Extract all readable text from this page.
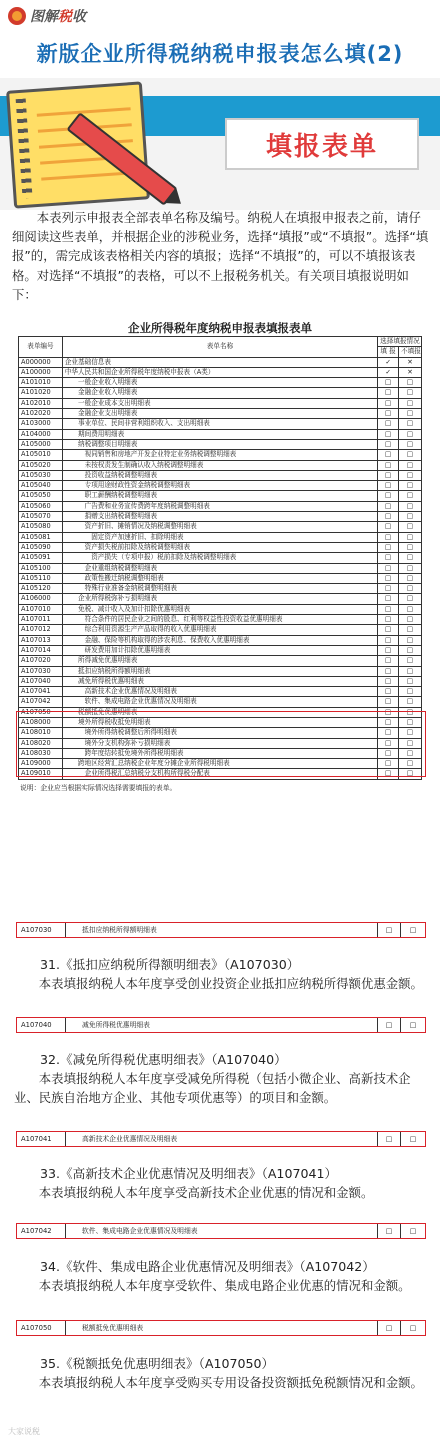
图解税收
新版企业所得税纳税申报表怎么填(2)
填报表单
本表列示申报表全部表单名称及编号。纳税人在填报申报表之前，请仔细阅读这些表单，并根据企业的涉税业务，选择“填报”或“不填报”。选择“填报”的，需完成该表格相关内容的填报；选择“不填报”的，可以不填报该表格。对选择“不填报”的表格，可以不上报税务机关。有关项目填报说明如下：
企业所得税年度纳税申报表填报表单
表单编号	表单名称	选择填报情况	
		填 报	不填报
A000000	企业基础信息表	✓	✕
A100000	中华人民共和国企业所得税年度纳税申报表（A类）	✓	✕
A101010	　　一般企业收入明细表	□	□
A101020	　　金融企业收入明细表	□	□
A102010	　　一般企业成本支出明细表	□	□
A102020	　　金融企业支出明细表	□	□
A103000	　　事业单位、民间非营利组织收入、支出明细表	□	□
A104000	　　期间费用明细表	□	□
A105000	　　纳税调整项目明细表	□	□
A105010	　　　视同销售和房地产开发企业特定业务纳税调整明细表	□	□
A105020	　　　未按权责发生制确认收入纳税调整明细表	□	□
A105030	　　　投资收益纳税调整明细表	□	□
A105040	　　　专项用途财政性资金纳税调整明细表	□	□
A105050	　　　职工薪酬纳税调整明细表	□	□
A105060	　　　广告费和业务宣传费跨年度纳税调整明细表	□	□
A105070	　　　捐赠支出纳税调整明细表	□	□
A105080	　　　资产折旧、摊销情况及纳税调整明细表	□	□
A105081	　　　　固定资产加速折旧、扣除明细表	□	□
A105090	　　　资产损失税前扣除及纳税调整明细表	□	□
A105091	　　　　资产损失（专项申报）税前扣除及纳税调整明细表	□	□
A105100	　　　企业重组纳税调整明细表	□	□
A105110	　　　政策性搬迁纳税调整明细表	□	□
A105120	　　　特殊行业准备金纳税调整明细表	□	□
A106000	　　企业所得税弥补亏损明细表	□	□
A107010	　　免税、减计收入及加计扣除优惠明细表	□	□
A107011	　　　符合条件的居民企业之间的股息、红利等权益性投资收益优惠明细表	□	□
A107012	　　　综合利用资源生产产品取得的收入优惠明细表	□	□
A107013	　　　金融、保险等机构取得的涉农利息、保费收入优惠明细表	□	□
A107014	　　　研发费用加计扣除优惠明细表	□	□
A107020	　　所得减免优惠明细表	□	□
A107030	　　抵扣应纳税所得额明细表	□	□
A107040	　　减免所得税优惠明细表	□	□
A107041	　　　高新技术企业优惠情况及明细表	□	□
A107042	　　　软件、集成电路企业优惠情况及明细表	□	□
A107050	　　税额抵免优惠明细表	□	□
A108000	　　境外所得税收抵免明细表	□	□
A108010	　　　境外所得纳税调整后所得明细表	□	□
A108020	　　　境外分支机构弥补亏损明细表	□	□
A108030	　　　跨年度结转抵免境外所得税明细表	□	□
A109000	　　跨地区经营汇总纳税企业年度分摊企业所得税明细表	□	□
A109010	　　　企业所得税汇总纳税分支机构所得税分配表	□	□
说明：企业应当根据实际情况选择需要填报的表单。
A107030	抵扣应纳税所得额明细表	□	□
31.《抵扣应纳税所得额明细表》（A107030）
本表填报纳税人本年度享受创业投资企业抵扣应纳税所得额优惠金额。
A107040	减免所得税优惠明细表	□	□
32.《减免所得税优惠明细表》（A107040）
本表填报纳税人本年度享受减免所得税（包括小微企业、高新技术企业、民族自治地方企业、其他专项优惠等）的项目和金额。
A107041	高新技术企业优惠情况及明细表	□	□
33.《高新技术企业优惠情况及明细表》（A107041）
本表填报纳税人本年度享受高新技术企业优惠的情况和金额。
A107042	软件、集成电路企业优惠情况及明细表	□	□
34.《软件、集成电路企业优惠情况及明细表》（A107042）
本表填报纳税人本年度享受软件、集成电路企业优惠的情况和金额。
A107050	税额抵免优惠明细表	□	□
35.《税额抵免优惠明细表》（A107050）
本表填报纳税人本年度享受购买专用设备投资额抵免税额情况和金额。
大家说税
